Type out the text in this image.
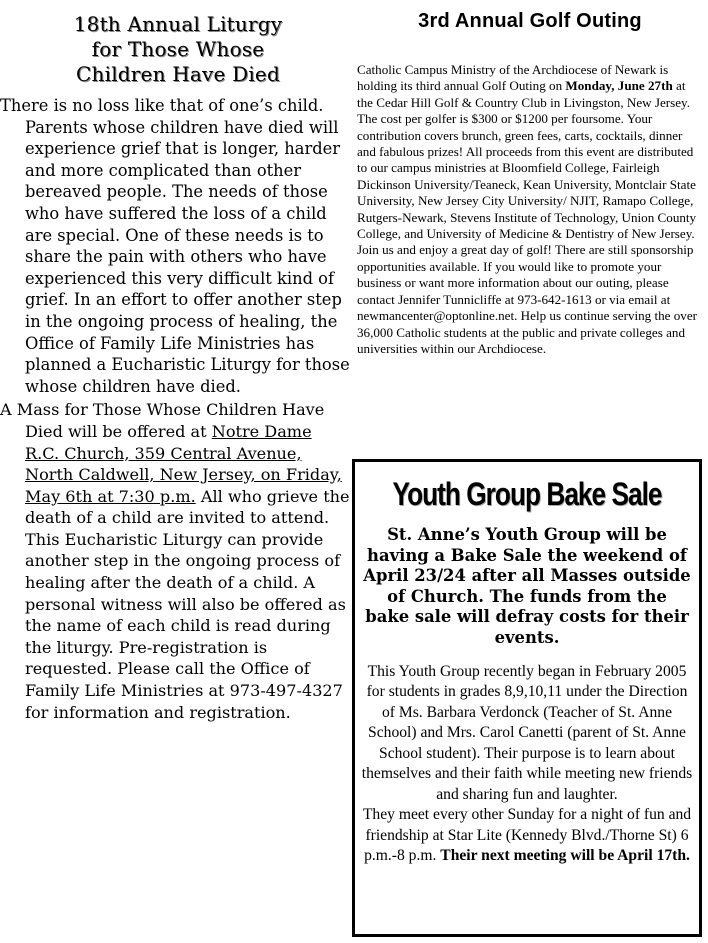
18th Annual Liturgy
for Those Whose
Children Have Died

There is no loss like that of one’s child. Parents whose children have died will experience grief that is longer, harder and more complicated than other bereaved people. The needs of those who have suffered the loss of a child are special. One of these needs is to share the pain with others who have experienced this very difficult kind of grief. In an effort to offer another step in the ongoing process of healing, the Office of Family Life Ministries has planned a Eucharistic Liturgy for those whose children have died.

A Mass for Those Whose Children Have Died will be offered at Notre Dame R.C. Church, 359 Central Avenue, North Caldwell, New Jersey, on Friday, May 6th at 7:30 p.m. All who grieve the death of a child are invited to attend. This Eucharistic Liturgy can provide another step in the ongoing process of healing after the death of a child. A personal witness will also be offered as the name of each child is read during the liturgy. Pre-registration is requested. Please call the Office of Family Life Ministries at 973-497-4327 for information and registration.

3rd Annual Golf Outing

Catholic Campus Ministry of the Archdiocese of Newark is holding its third annual Golf Outing on Monday, June 27th at the Cedar Hill Golf & Country Club in Livingston, New Jersey. The cost per golfer is $300 or $1200 per foursome. Your contribution covers brunch, green fees, carts, cocktails, dinner and fabulous prizes! All proceeds from this event are distributed to our campus ministries at Bloomfield College, Fairleigh Dickinson University/Teaneck, Kean University, Montclair State University, New Jersey City University/ NJIT, Ramapo College, Rutgers-Newark, Stevens Institute of Technology, Union County College, and University of Medicine & Dentistry of New Jersey. Join us and enjoy a great day of golf! There are still sponsorship opportunities available. If you would like to promote your business or want more information about our outing, please contact Jennifer Tunnicliffe at 973-642-1613 or via email at newmancenter@optonline.net. Help us continue serving the over 36,000 Catholic students at the public and private colleges and universities within our Archdiocese.

Youth Group Bake Sale
St. Anne’s Youth Group will be having a Bake Sale the weekend of April 23/24 after all Masses outside of Church. The funds from the bake sale will defray costs for their events.
This Youth Group recently began in February 2005 for students in grades 8,9,10,11 under the Direction of Ms. Barbara Verdonck (Teacher of St. Anne School) and Mrs. Carol Canetti (parent of St. Anne School student). Their purpose is to learn about themselves and their faith while meeting new friends and sharing fun and laughter.
They meet every other Sunday for a night of fun and friendship at Star Lite (Kennedy Blvd./Thorne St) 6 p.m.-8 p.m. Their next meeting will be April 17th.
